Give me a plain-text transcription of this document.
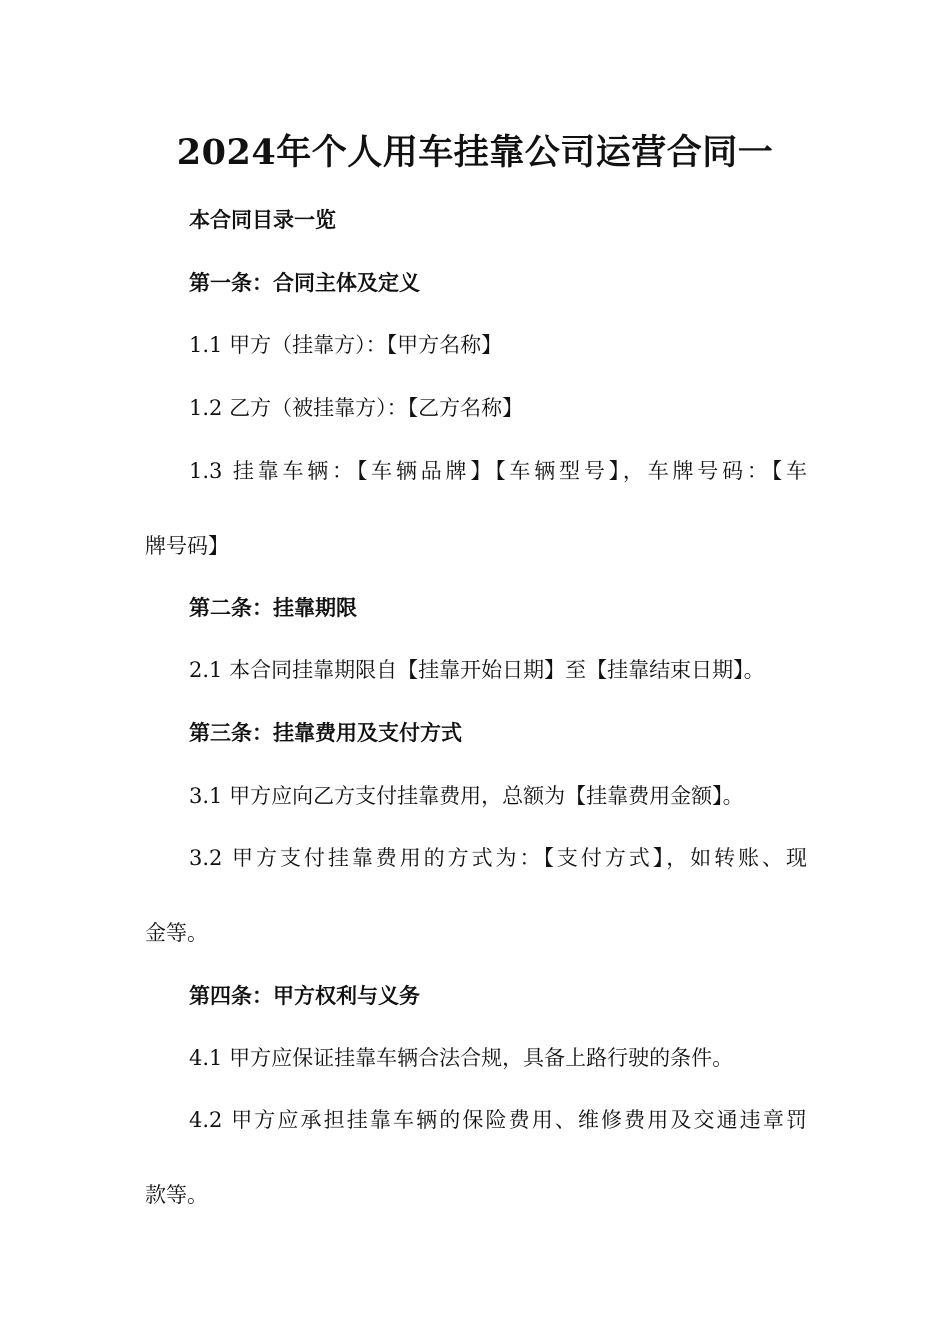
2024年个人用车挂靠公司运营合同一

本合同目录一览

第一条：合同主体及定义

1.1 甲方（挂靠方）：【甲方名称】

1.2 乙方（被挂靠方）：【乙方名称】

1.3 挂靠车辆：【车辆品牌】【车辆型号】，车牌号码：【车

牌号码】

第二条：挂靠期限

2.1 本合同挂靠期限自【挂靠开始日期】至【挂靠结束日期】。

第三条：挂靠费用及支付方式

3.1 甲方应向乙方支付挂靠费用，总额为【挂靠费用金额】。

3.2 甲方支付挂靠费用的方式为：【支付方式】，如转账、现

金等。

第四条：甲方权利与义务

4.1 甲方应保证挂靠车辆合法合规，具备上路行驶的条件。

4.2 甲方应承担挂靠车辆的保险费用、维修费用及交通违章罚

款等。
